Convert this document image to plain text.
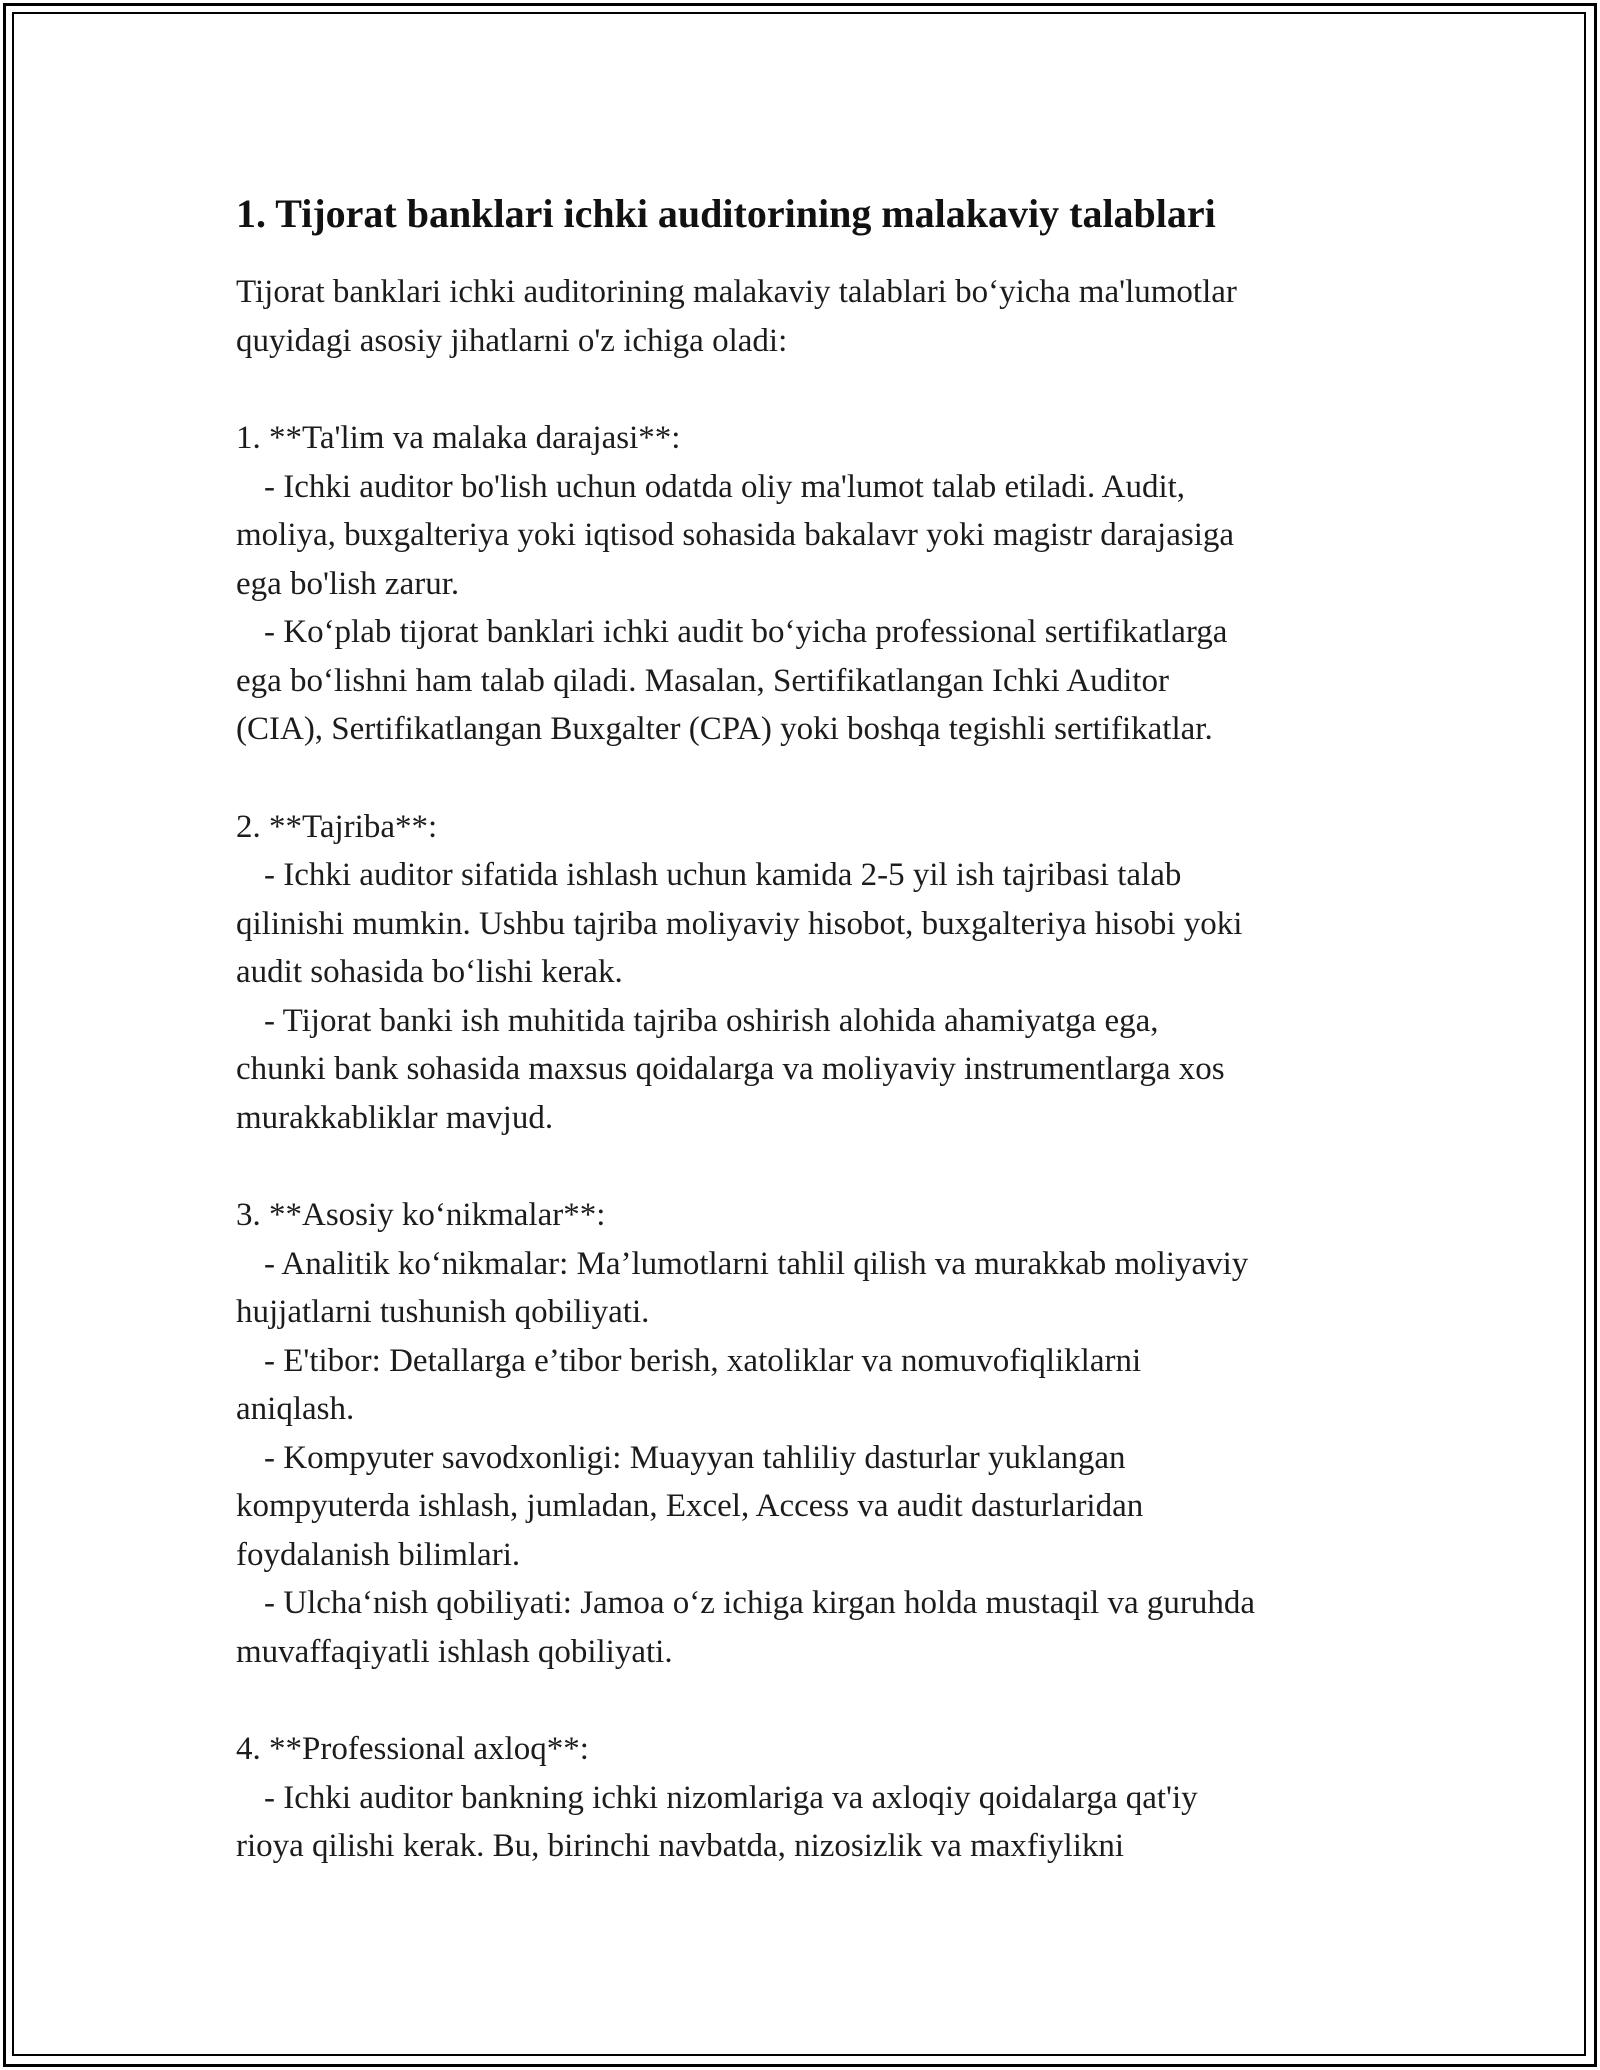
1. Tijorat banklari ichki auditorining malakaviy talablari
Tijorat banklari ichki auditorining malakaviy talablari bo‘yicha ma'lumotlar
quyidagi asosiy jihatlarni o'z ichiga oladi:
1. **Ta'lim va malaka darajasi**:
- Ichki auditor bo'lish uchun odatda oliy ma'lumot talab etiladi. Audit,
moliya, buxgalteriya yoki iqtisod sohasida bakalavr yoki magistr darajasiga
ega bo'lish zarur.
- Ko‘plab tijorat banklari ichki audit bo‘yicha professional sertifikatlarga
ega bo‘lishni ham talab qiladi. Masalan, Sertifikatlangan Ichki Auditor
(CIA), Sertifikatlangan Buxgalter (CPA) yoki boshqa tegishli sertifikatlar.
2. **Tajriba**:
- Ichki auditor sifatida ishlash uchun kamida 2-5 yil ish tajribasi talab
qilinishi mumkin. Ushbu tajriba moliyaviy hisobot, buxgalteriya hisobi yoki
audit sohasida bo‘lishi kerak.
- Tijorat banki ish muhitida tajriba oshirish alohida ahamiyatga ega,
chunki bank sohasida maxsus qoidalarga va moliyaviy instrumentlarga xos
murakkabliklar mavjud.
3. **Asosiy ko‘nikmalar**:
- Analitik ko‘nikmalar: Ma’lumotlarni tahlil qilish va murakkab moliyaviy
hujjatlarni tushunish qobiliyati.
- E'tibor: Detallarga e’tibor berish, xatoliklar va nomuvofiqliklarni
aniqlash.
- Kompyuter savodxonligi: Muayyan tahliliy dasturlar yuklangan
kompyuterda ishlash, jumladan, Excel, Access va audit dasturlaridan
foydalanish bilimlari.
- Ulcha‘nish qobiliyati: Jamoa o‘z ichiga kirgan holda mustaqil va guruhda
muvaffaqiyatli ishlash qobiliyati.
4. **Professional axloq**:
- Ichki auditor bankning ichki nizomlariga va axloqiy qoidalarga qat'iy
rioya qilishi kerak. Bu, birinchi navbatda, nizosizlik va maxfiylikni
